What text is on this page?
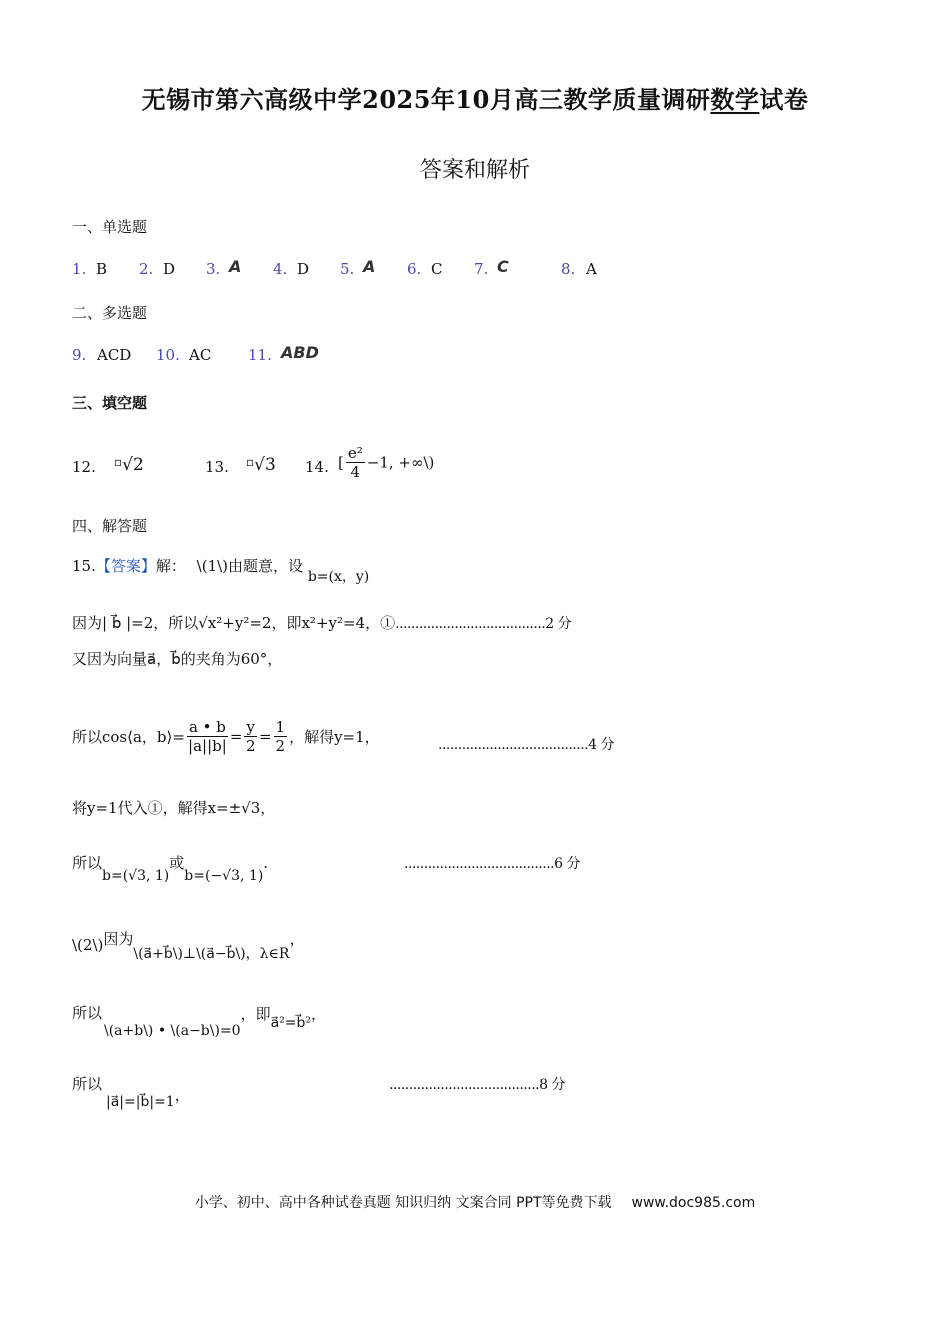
无锡市第六高级中学2025年10月高三教学质量调研数学试卷
答案和解析
一、单选题
1. B 2. D 3. A 4. D 5. A 6. C 7. C	8. A
二、多选题
9. ACD 10. AC 11. ABD
三、填空题
12. ▫√2	13. ▫√3 14. [ $\frac{\text{e²}}{4} -1$, +∞\)
四、解答题
15.【答案】解： \(1\)由题意，设 b=(x，y)
因为| b⃗ |=2，所以√x²+y²=2，即x²+y²=4，①......................................2 分
又因为向量a⃗，b⃗的夹角为60°，
所以cos⟨a，b⟩= $\frac{a • b}{|a||b|} = \frac{y}{2} = \frac{1}{2}$ ，解得y=1，	......................................4 分
将y=1代入①，解得x=±√3，
所以b=(√3, 1)或b=(−√3, 1).	......................................6 分
\(2\)因为\(a⃗+b⃗\)⊥\(a⃗−b⃗\)，λ∈R，
所以
\(a+b\) • \(a−b\)=0，即a⃗²=b⃗²，
所以
|a⃗|=|b⃗|=1，
......................................8 分
小学、初中、高中各种试卷真题 知识归纳 文案合同 PPT等免费下载 www.doc985.com
